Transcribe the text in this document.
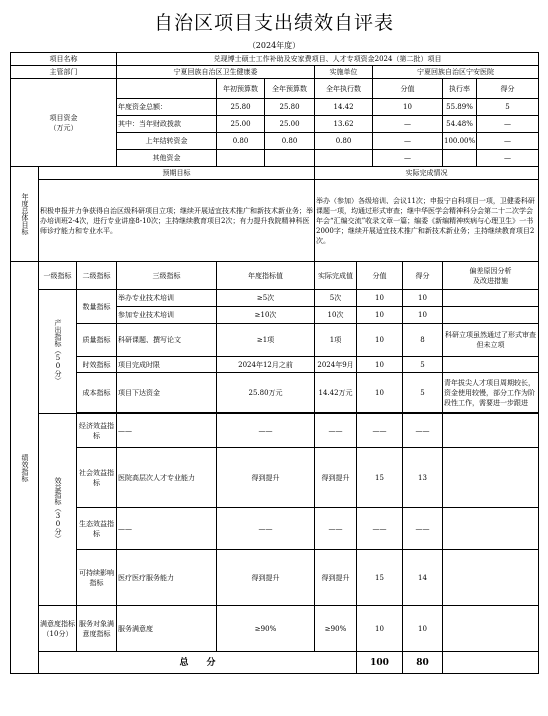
自治区项目支出绩效自评表
（2024年度）
项目名称			兑现博士硕士工作补助及安家费项目、人才专项资金2024（第二批）项目								
主管部门			宁夏回族自治区卫生健康委			实施单位		宁夏回族自治区宁安医院			
项目资金
（万元）				年初预算数	全年预算数	全年执行数		分值		执行率	得分
			年度资金总额：	25.80	25.80	14.42		10		55.89%	5
			其中：当年财政拨款	25.00	25.00	13.62		—		54.48%	—
			上年结转资金	0.80	0.80	0.80		—		100.00%	—
			其他资金					—			—
年度总体目标	预期目标					实际完成情况					
	积极申报并力争获得自治区级科研项目立项；继续开展适宜技术推广和新技术新业务；举办培训班2-4次，进行专业讲座8-10次；主持继续教育项目2次；有力提升我院精神科医师诊疗能力和专业水平。					举办（参加）各级培训、会议11次；申报宁自科项目一项，卫健委科研课题一项，均通过形式审查；继中华医学会精神科分会第二十二次学会年会“汇编交流”收录文章一篇；编委《新编精神疾病与心理卫生》一书2000字；继续开展适宜技术推广和新技术新业务；主持继续教育项目2次。					
绩效指标	一级指标	二级指标	三级指标	年度指标值		实际完成值	分值		得分	偏差原因分析
及改进措施	
	产出指标（50分）	数量指标	举办专业技术培训	≥5次		5次	10		10		
			参加专业技术培训	≥10次		10次	10		10		
		质量指标	科研课题、撰写论文	≥1项		1项	10		8	科研立项虽然通过了形式审查但未立项	
		时效指标	项目完成时限	2024年12月之前		2024年9月	10		5		
		成本指标	项目下达资金	25.80万元		14.42万元	10		5	青年拔尖人才项目周期较长，资金使用较慢，部分工作为阶段性工作，需要进一步跟进	

	效益指标（30分）	经济效益指标	——	——		——	——		——		
		社会效益指标	医院高层次人才专业能力	得到提升		得到提升	15		13		
		生态效益指标	——	——		——	——		——		
		可持续影响指标	医疗医疗服务能力	得到提升		得到提升	15		14		
	满意度指标（10分）	服务对象满意度指标	服务满意度	≥90%		≥90%	10		10		
	总　　分						100		80		
